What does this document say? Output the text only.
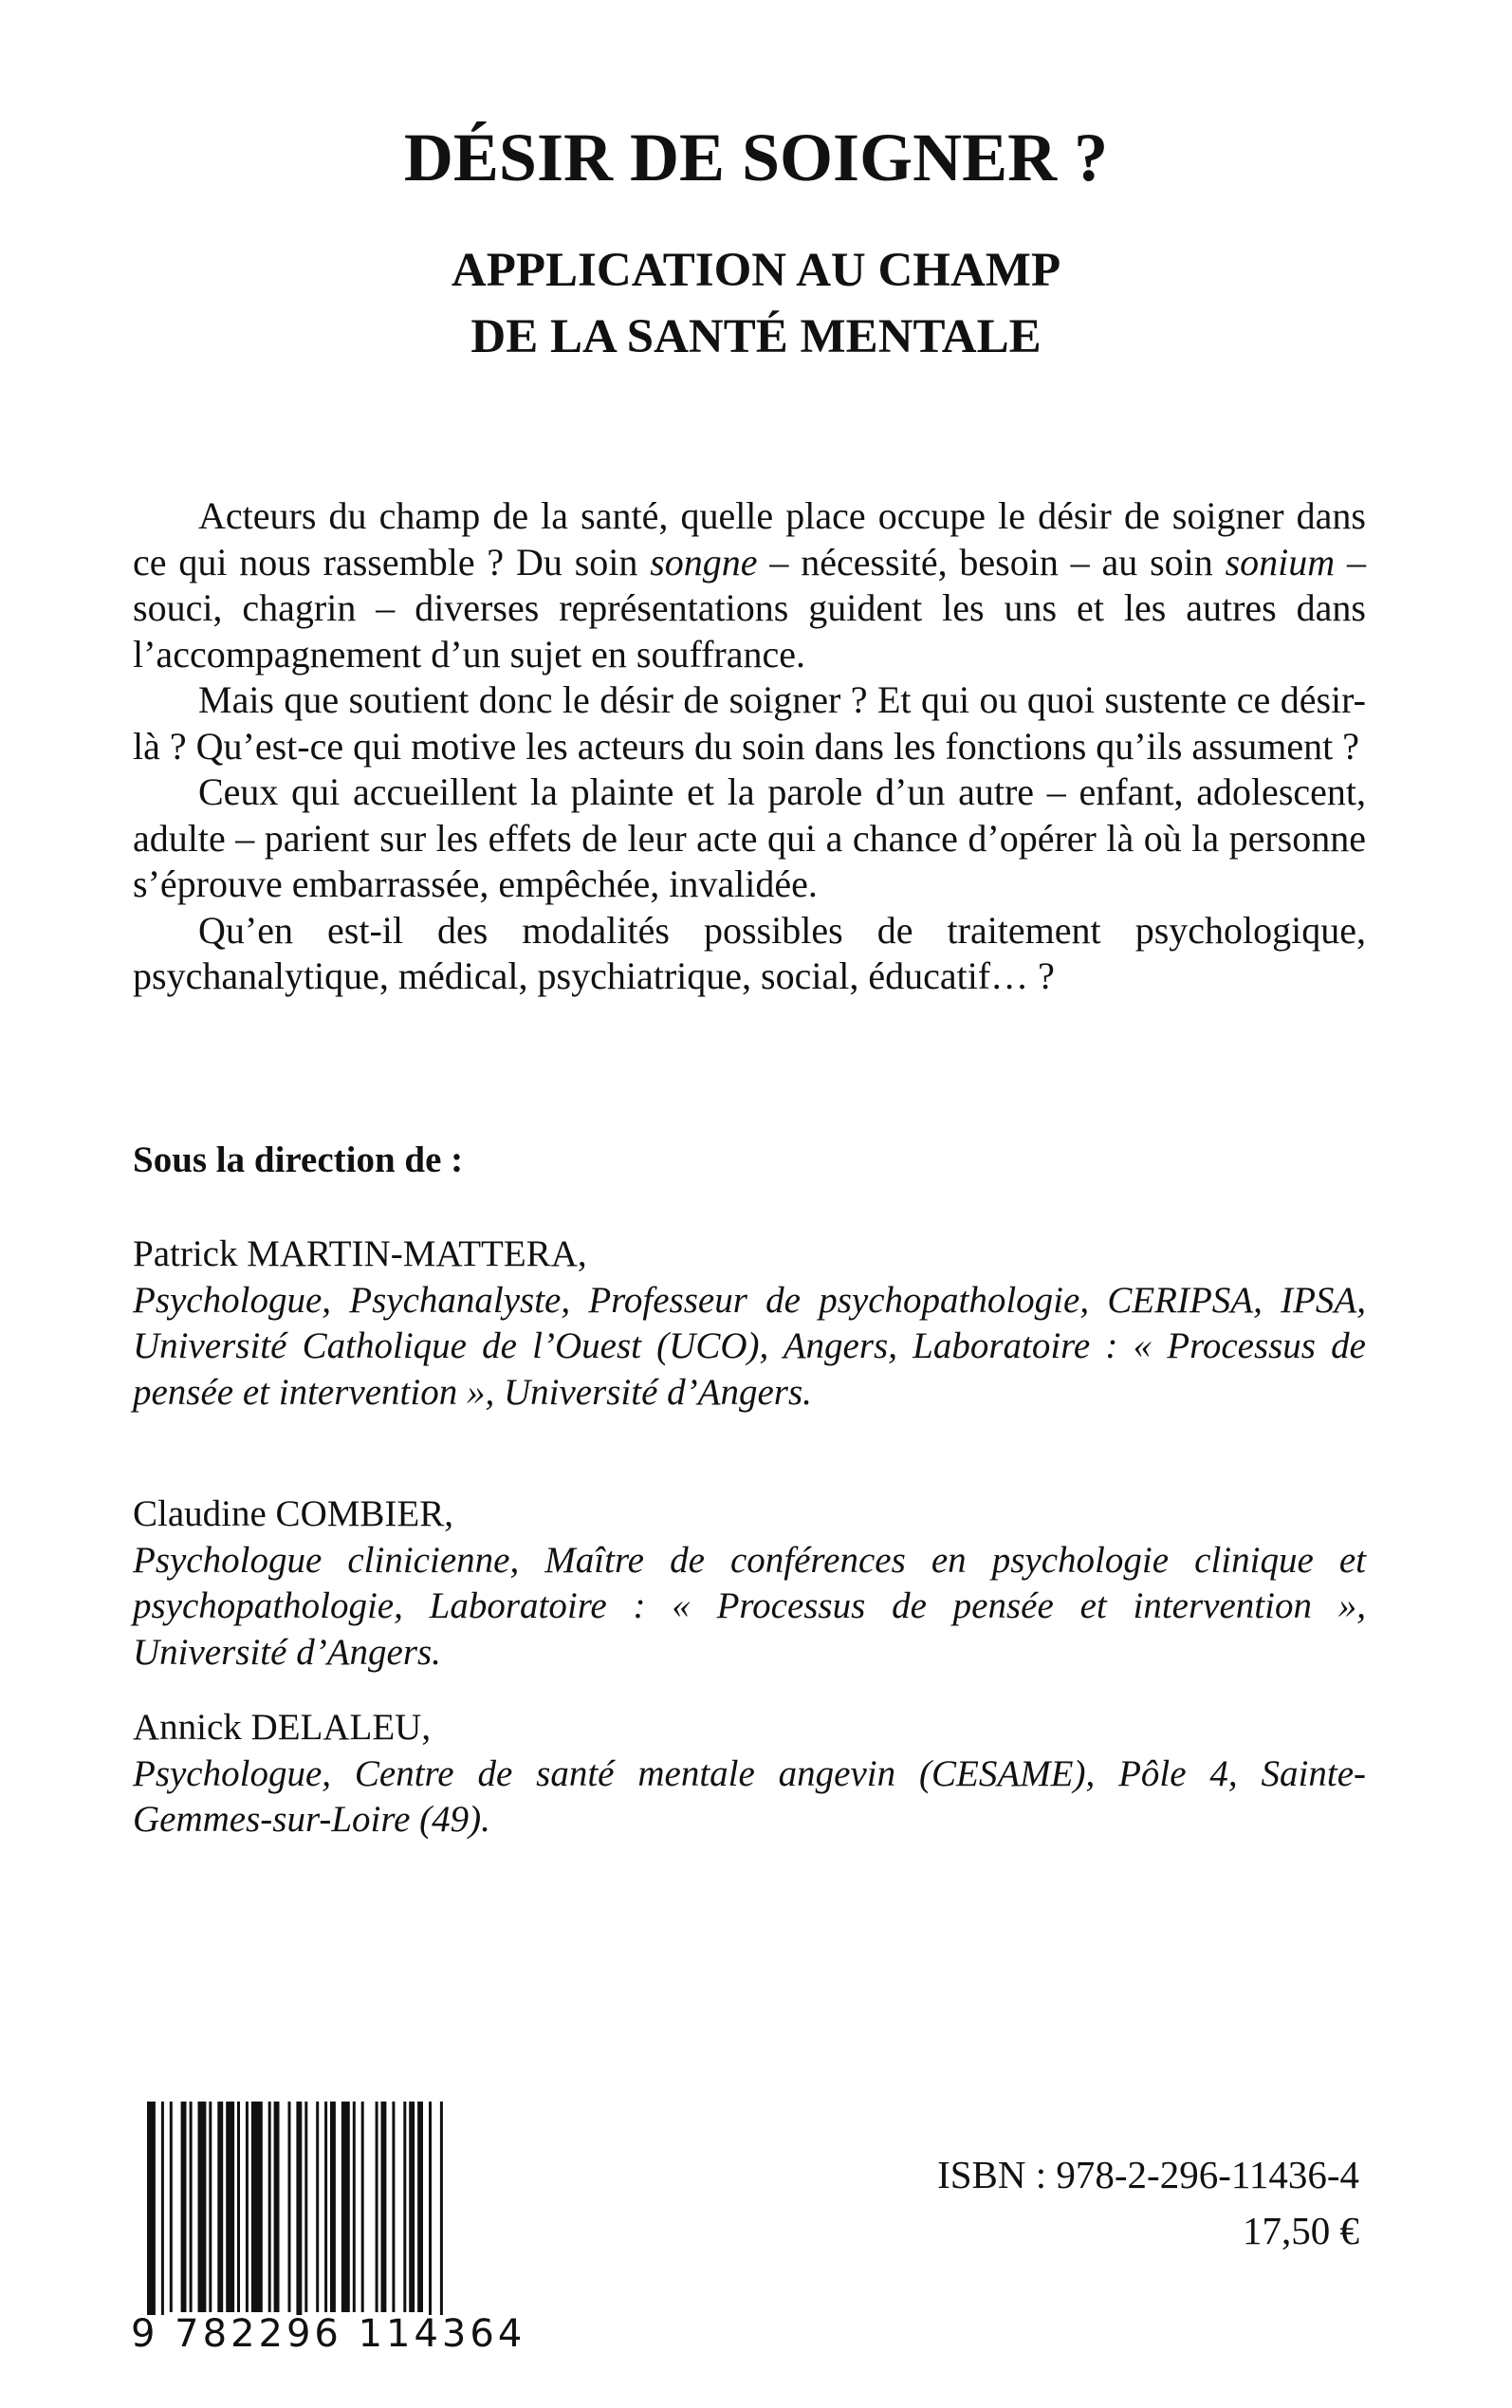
DÉSIR DE SOIGNER ?
APPLICATION AU CHAMP
DE LA SANTÉ MENTALE

Acteurs du champ de la santé, quelle place occupe le désir de soigner dans ce qui nous rassemble ? Du soin songne – nécessité, besoin – au soin sonium – souci, chagrin – diverses représentations guident les uns et les autres dans l’accompagnement d’un sujet en souffrance.

Mais que soutient donc le désir de soigner ? Et qui ou quoi sustente ce désir-là ? Qu’est-ce qui motive les acteurs du soin dans les fonctions qu’ils assument ?

Ceux qui accueillent la plainte et la parole d’un autre – enfant, adolescent, adulte – parient sur les effets de leur acte qui a chance d’opérer là où la personne s’éprouve embarrassée, empêchée, invalidée.

Qu’en est-il des modalités possibles de traitement psychologique, psychanalytique, médical, psychiatrique, social, éducatif… ?

Sous la direction de :
Patrick MARTIN-MATTERA,
Psychologue, Psychanalyste, Professeur de psychopathologie, CERIPSA, IPSA, Université Catholique de l’Ouest (UCO), Angers, Laboratoire : « Processus de pensée et intervention », Université d’Angers.
Claudine COMBIER,
Psychologue clinicienne, Maître de conférences en psychologie clinique et psychopathologie, Laboratoire : « Processus de pensée et intervention », Université d’Angers.
Annick DELALEU,
Psychologue, Centre de santé mentale angevin (CESAME), Pôle 4, Sainte-Gemmes-sur-Loire (49).
9 782296 114364
ISBN : 978-2-296-11436-4
17,50 €
